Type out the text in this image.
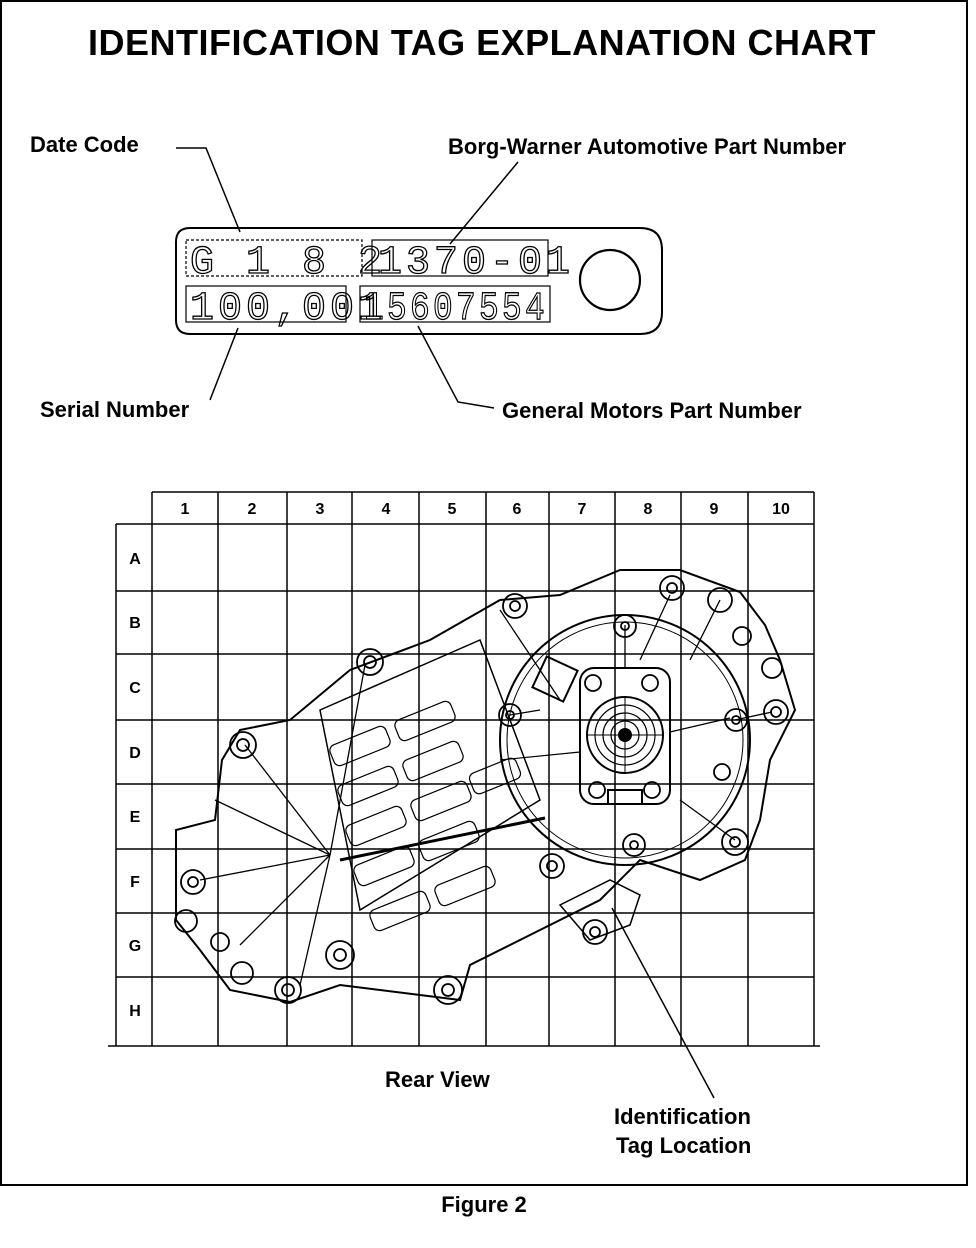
IDENTIFICATION TAG EXPLANATION CHART
Date Code	Borg-Warner Automotive Part Number
Serial Number	General Motors Part Number
Rear View
Identification
Tag Location
G 1 8 2
1370-01
100,001
15607554
1	2	3	4	5	6	7	8	9	10
A
B
C
D
E
F
G
H
Figure 2
